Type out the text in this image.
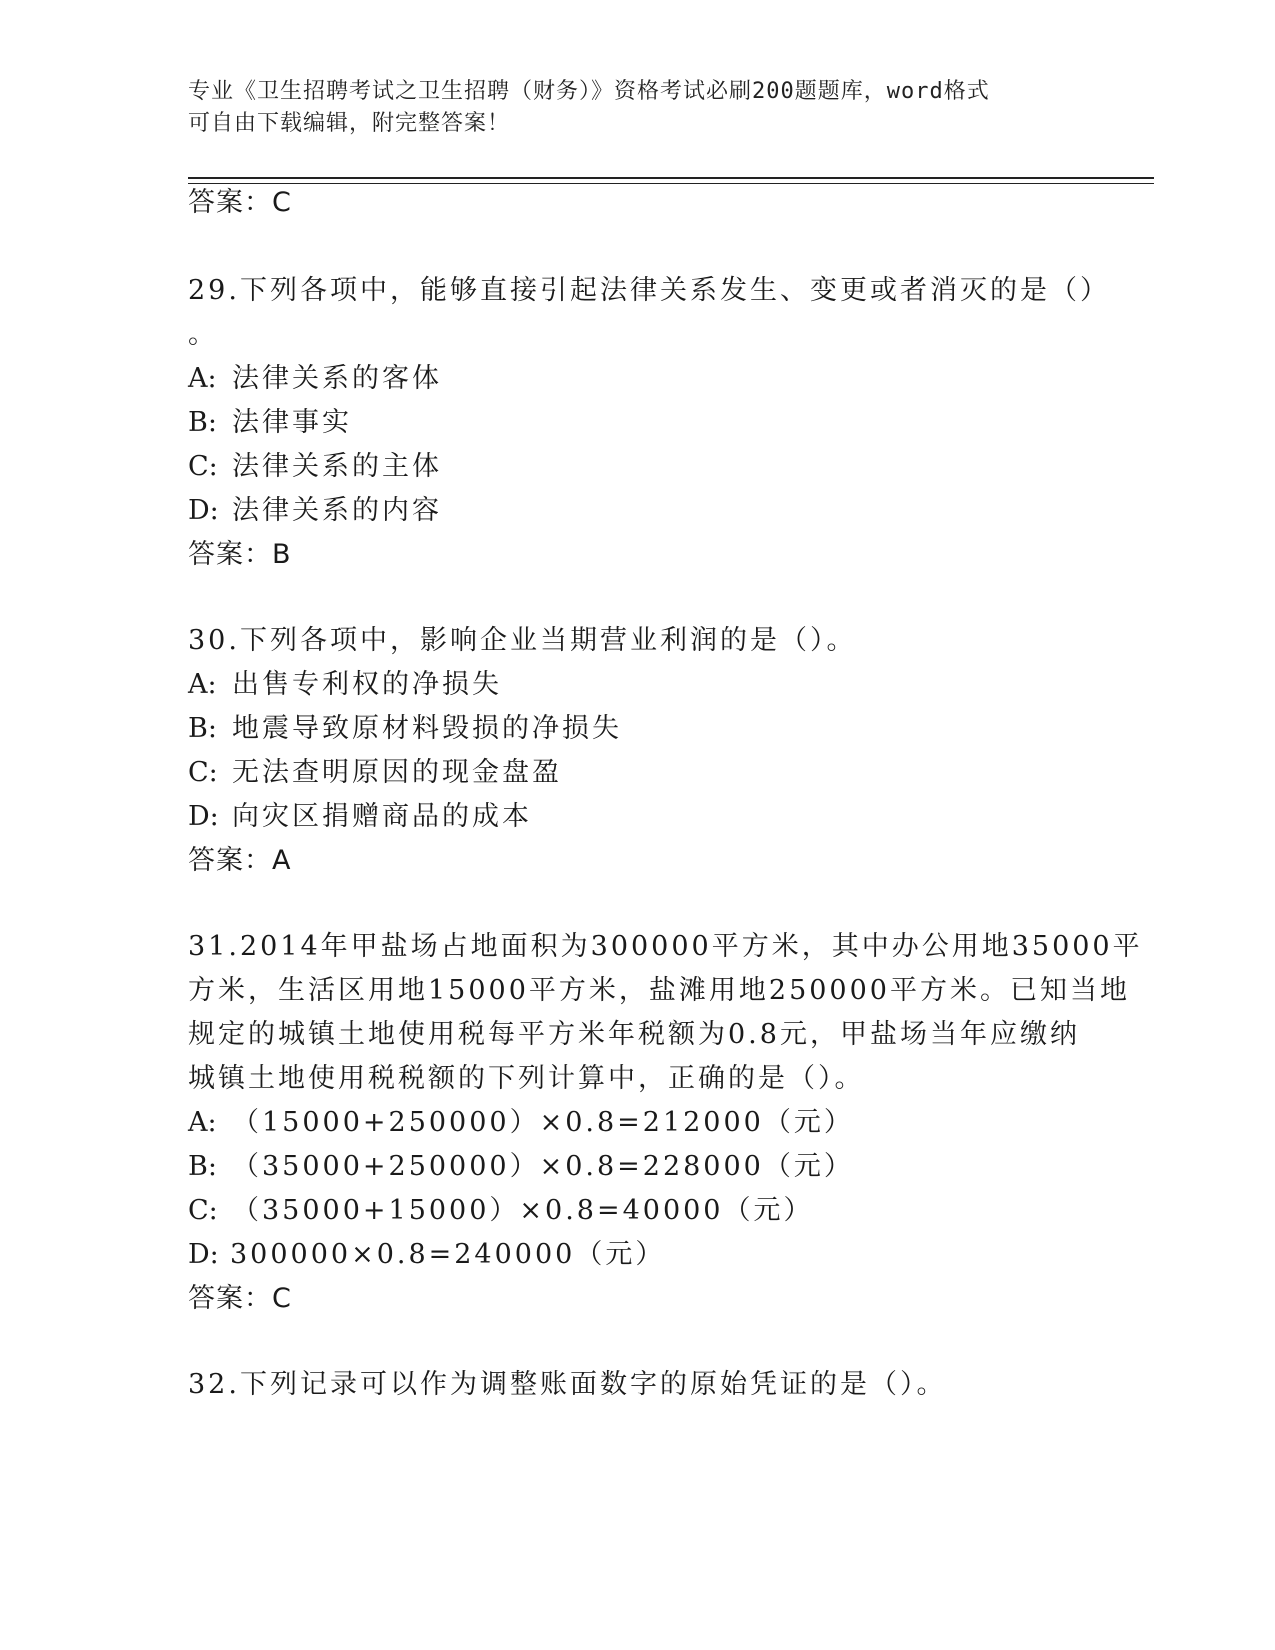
专业《卫生招聘考试之卫生招聘（财务）》资格考试必刷200题题库，word格式
可自由下载编辑，附完整答案！
答案：C
29.下列各项中，能够直接引起法律关系发生、变更或者消灭的是（）
。
A: 法律关系的客体
B: 法律事实
C: 法律关系的主体
D: 法律关系的内容
答案：B
30.下列各项中，影响企业当期营业利润的是（）。
A: 出售专利权的净损失
B: 地震导致原材料毁损的净损失
C: 无法查明原因的现金盘盈
D: 向灾区捐赠商品的成本
答案：A
31.2014年甲盐场占地面积为300000平方米，其中办公用地35000平
方米，生活区用地15000平方米，盐滩用地250000平方米。已知当地
规定的城镇土地使用税每平方米年税额为0.8元，甲盐场当年应缴纳
城镇土地使用税税额的下列计算中，正确的是（）。
A: （15000+250000）×0.8=212000（元）
B: （35000+250000）×0.8=228000（元）
C: （35000+15000）×0.8=40000（元）
D: 300000×0.8=240000（元）
答案：C
32.下列记录可以作为调整账面数字的原始凭证的是（）。
